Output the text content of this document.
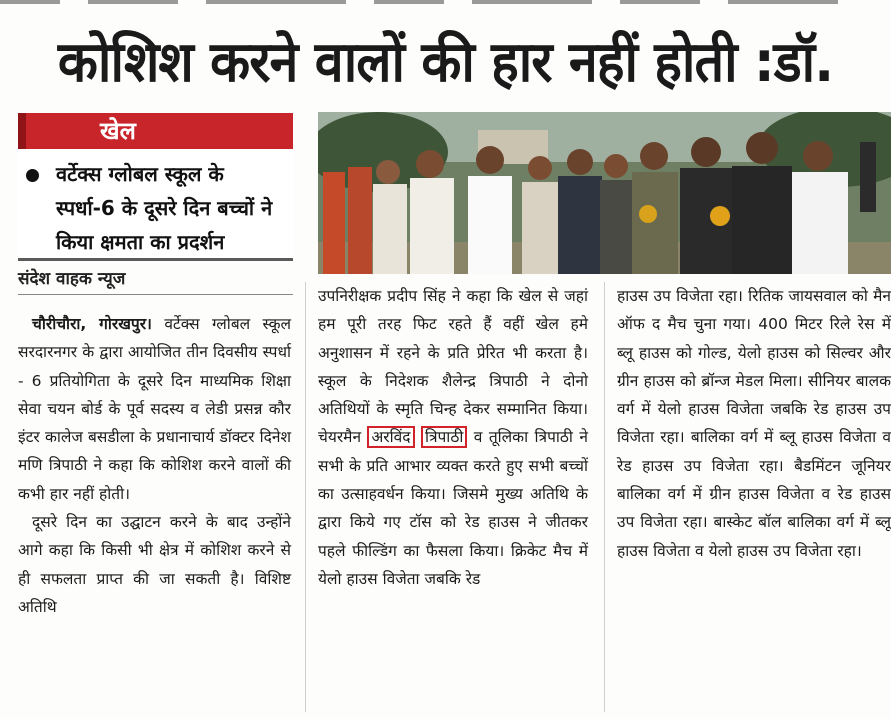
कोशिश करने वालों की हार नहीं होती :डॉ.
खेल
वर्टेक्स ग्लोबल स्कूल के स्पर्धा-6 के दूसरे दिन बच्चों ने किया क्षमता का प्रदर्शन
संदेश वाहक न्यूज

चौरीचौरा, गोरखपुर। वर्टेक्स ग्लोबल स्कूल सरदारनगर के द्वारा आयोजित तीन दिवसीय स्पर्धा - 6 प्रतियोगिता के दूसरे दिन माध्यमिक शिक्षा सेवा चयन बोर्ड के पूर्व सदस्य व लेडी प्रसन्न कौर इंटर कालेज बसडीला के प्रधानाचार्य डॉक्टर दिनेश मणि त्रिपाठी ने कहा कि कोशिश करने वालों की कभी हार नहीं होती।

दूसरे दिन का उद्घाटन करने के बाद उन्होंने आगे कहा कि किसी भी क्षेत्र में कोशिश करने से ही सफलता प्राप्त की जा सकती है। विशिष्ट अतिथि

उपनिरीक्षक प्रदीप सिंह ने कहा कि खेल से जहां हम पूरी तरह फिट रहते हैं वहीं खेल हमे अनुशासन में रहने के प्रति प्रेरित भी करता है। स्कूल के निदेशक शैलेन्द्र त्रिपाठी ने दोनो अतिथियों के स्मृति चिन्ह देकर सम्मानित किया। चेयरमैन अरविंद त्रिपाठी व तूलिका त्रिपाठी ने सभी के प्रति आभार व्यक्त करते हुए सभी बच्चों का उत्साहवर्धन किया। जिसमे मुख्य अतिथि के द्वारा किये गए टॉस को रेड हाउस ने जीतकर पहले फील्डिंग का फैसला किया। क्रिकेट मैच में येलो हाउस विजेता जबकि रेड

हाउस उप विजेता रहा। रितिक जायसवाल को मैन ऑफ द मैच चुना गया। 400 मिटर रिले रेस में ब्लू हाउस को गोल्ड, येलो हाउस को सिल्वर और ग्रीन हाउस को ब्रॉन्ज मेडल मिला। सीनियर बालक वर्ग में येलो हाउस विजेता जबकि रेड हाउस उप विजेता रहा। बालिका वर्ग में ब्लू हाउस विजेता व रेड हाउस उप विजेता रहा। बैडमिंटन जूनियर बालिका वर्ग में ग्रीन हाउस विजेता व रेड हाउस उप विजेता रहा। बास्केट बॉल बालिका वर्ग में ब्लू हाउस विजेता व येलो हाउस उप विजेता रहा।
